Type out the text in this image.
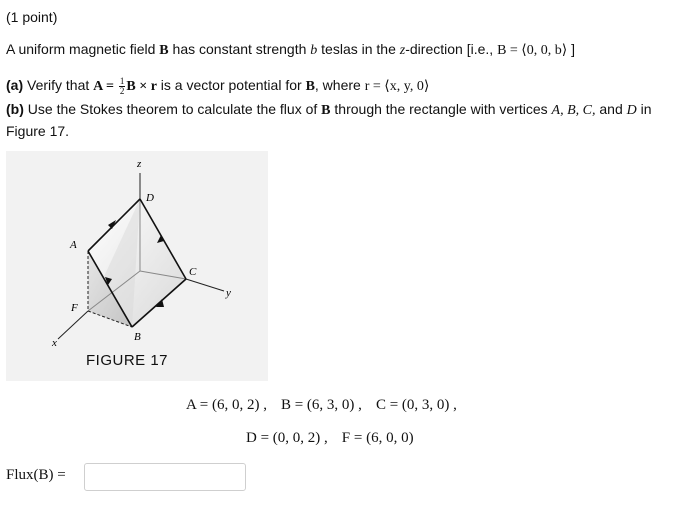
(1 point)
A uniform magnetic field B has constant strength b teslas in the z-direction [i.e., B = ⟨0, 0, b⟩ ]
(a) Verify that $A = \frac{1}{2}$ B × r is a vector potential for B, where r = ⟨x, y, 0⟩
(b) Use the Stokes theorem to calculate the flux of B through the rectangle with vertices A, B, C, and D in
Figure 17.
z
y
x
A
D
C
B
F
FIGURE 17
A = (6, 0, 2) , B = (6, 3, 0) , C = (0, 3, 0) ,
D = (0, 0, 2) , F = (6, 0, 0)
Flux(B) =
